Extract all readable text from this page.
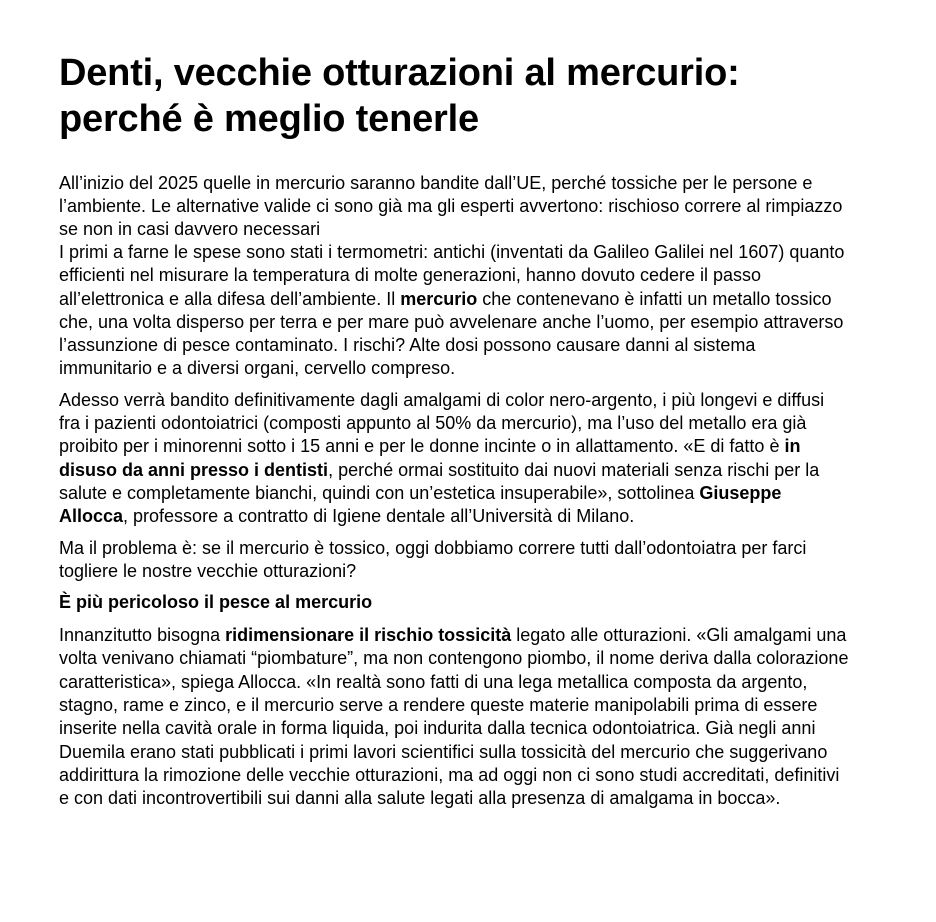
Denti, vecchie otturazioni al mercurio: perché è meglio tenerle

All’inizio del 2025 quelle in mercurio saranno bandite dall’UE, perché tossiche per le persone e l’ambiente. Le alternative valide ci sono già ma gli esperti avvertono: rischioso correre al rimpiazzo se non in casi davvero necessari

I primi a farne le spese sono stati i termometri: antichi (inventati da Galileo Galilei nel 1607) quanto efficienti nel misurare la temperatura di molte generazioni, hanno dovuto cedere il passo all’elettronica e alla difesa dell’ambiente. Il mercurio che contenevano è infatti un metallo tossico che, una volta disperso per terra e per mare può avvelenare anche l’uomo, per esempio attraverso l’assunzione di pesce contaminato. I rischi? Alte dosi possono causare danni al sistema immunitario e a diversi organi, cervello compreso.

Adesso verrà bandito definitivamente dagli amalgami di color nero-argento, i più longevi e diffusi fra i pazienti odontoiatrici (composti appunto al 50% da mercurio), ma l’uso del metallo era già proibito per i minorenni sotto i 15 anni e per le donne incinte o in allattamento. «E di fatto è in disuso da anni presso i dentisti, perché ormai sostituito dai nuovi materiali senza rischi per la salute e completamente bianchi, quindi con un’estetica insuperabile», sottolinea Giuseppe Allocca, professore a contratto di Igiene dentale all’Università di Milano.

Ma il problema è: se il mercurio è tossico, oggi dobbiamo correre tutti dall’odontoiatra per farci togliere le nostre vecchie otturazioni?

È più pericoloso il pesce al mercurio

Innanzitutto bisogna ridimensionare il rischio tossicità legato alle otturazioni. «Gli amalgami una volta venivano chiamati “piombature”, ma non contengono piombo, il nome deriva dalla colorazione caratteristica», spiega Allocca. «In realtà sono fatti di una lega metallica composta da argento, stagno, rame e zinco, e il mercurio serve a rendere queste materie manipolabili prima di essere inserite nella cavità orale in forma liquida, poi indurita dalla tecnica odontoiatrica. Già negli anni Duemila erano stati pubblicati i primi lavori scientifici sulla tossicità del mercurio che suggerivano addirittura la rimozione delle vecchie otturazioni, ma ad oggi non ci sono studi accreditati, definitivi e con dati incontrovertibili sui danni alla salute legati alla presenza di amalgama in bocca».
